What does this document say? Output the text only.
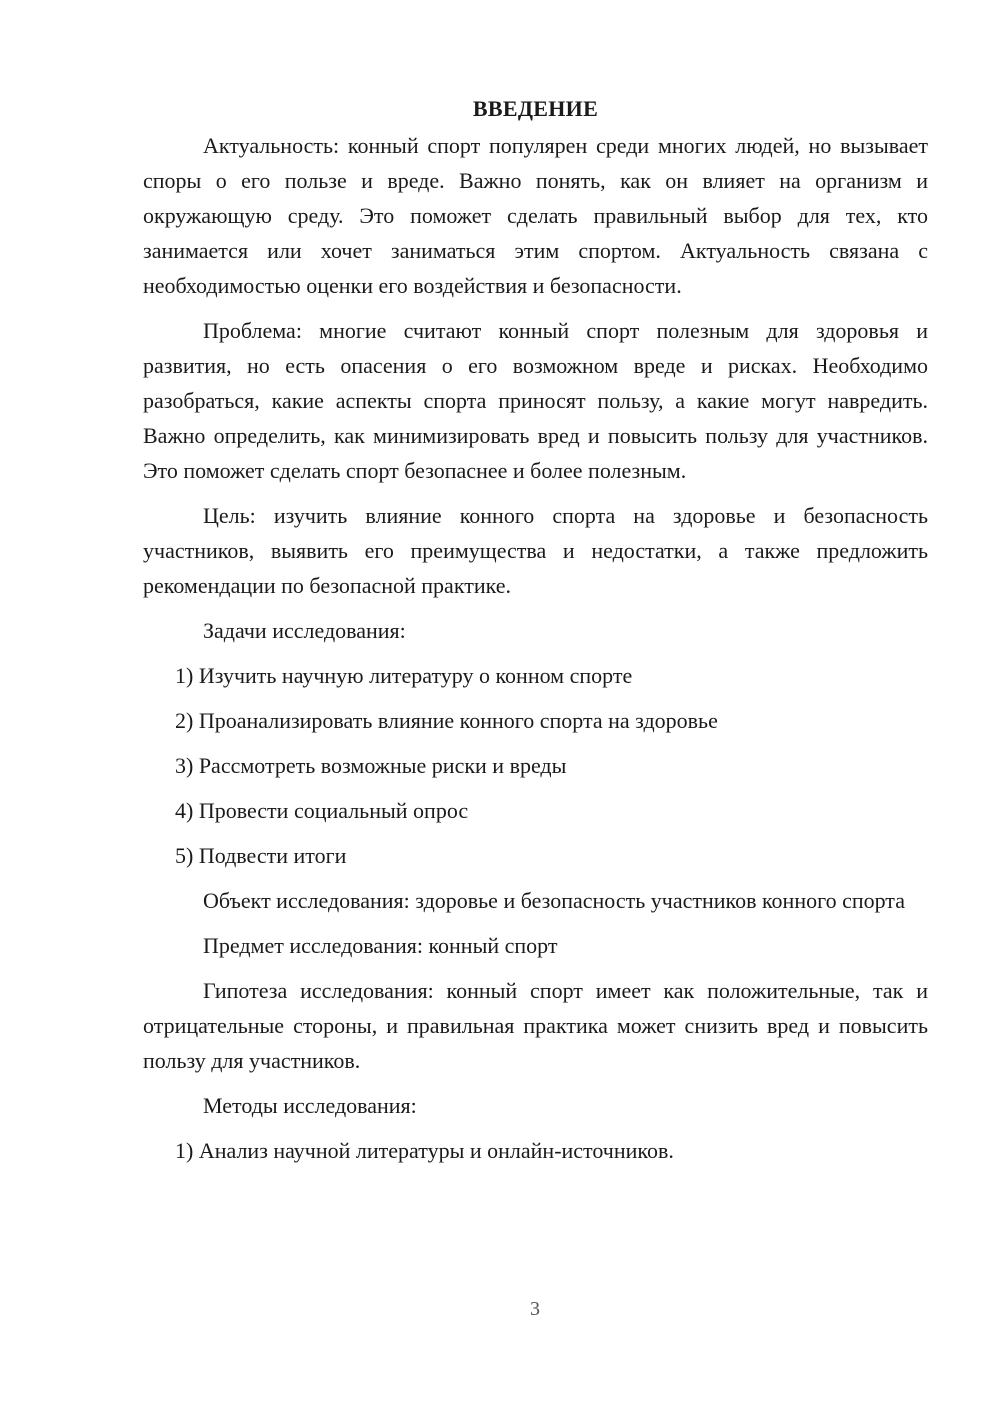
ВВЕДЕНИЕ

Актуальность: конный спорт популярен среди многих людей, но вызывает споры о его пользе и вреде. Важно понять, как он влияет на организм и окружающую среду. Это поможет сделать правильный выбор для тех, кто занимается или хочет заниматься этим спортом. Актуальность связана с необходимостью оценки его воздействия и безопасности.

Проблема: многие считают конный спорт полезным для здоровья и развития, но есть опасения о его возможном вреде и рисках. Необходимо разобраться, какие аспекты спорта приносят пользу, а какие могут навредить. Важно определить, как минимизировать вред и повысить пользу для участников. Это поможет сделать спорт безопаснее и более полезным.

Цель: изучить влияние конного спорта на здоровье и безопасность участников, выявить его преимущества и недостатки, а также предложить рекомендации по безопасной практике.

Задачи исследования:
1) Изучить научную литературу о конном спорте
2) Проанализировать влияние конного спорта на здоровье
3) Рассмотреть возможные риски и вреды
4) Провести социальный опрос
5) Подвести итоги

Объект исследования: здоровье и безопасность участников конного спорта

Предмет исследования: конный спорт

Гипотеза исследования: конный спорт имеет как положительные, так и отрицательные стороны, и правильная практика может снизить вред и повысить пользу для участников.

Методы исследования:
1) Анализ научной литературы и онлайн-источников.
3
